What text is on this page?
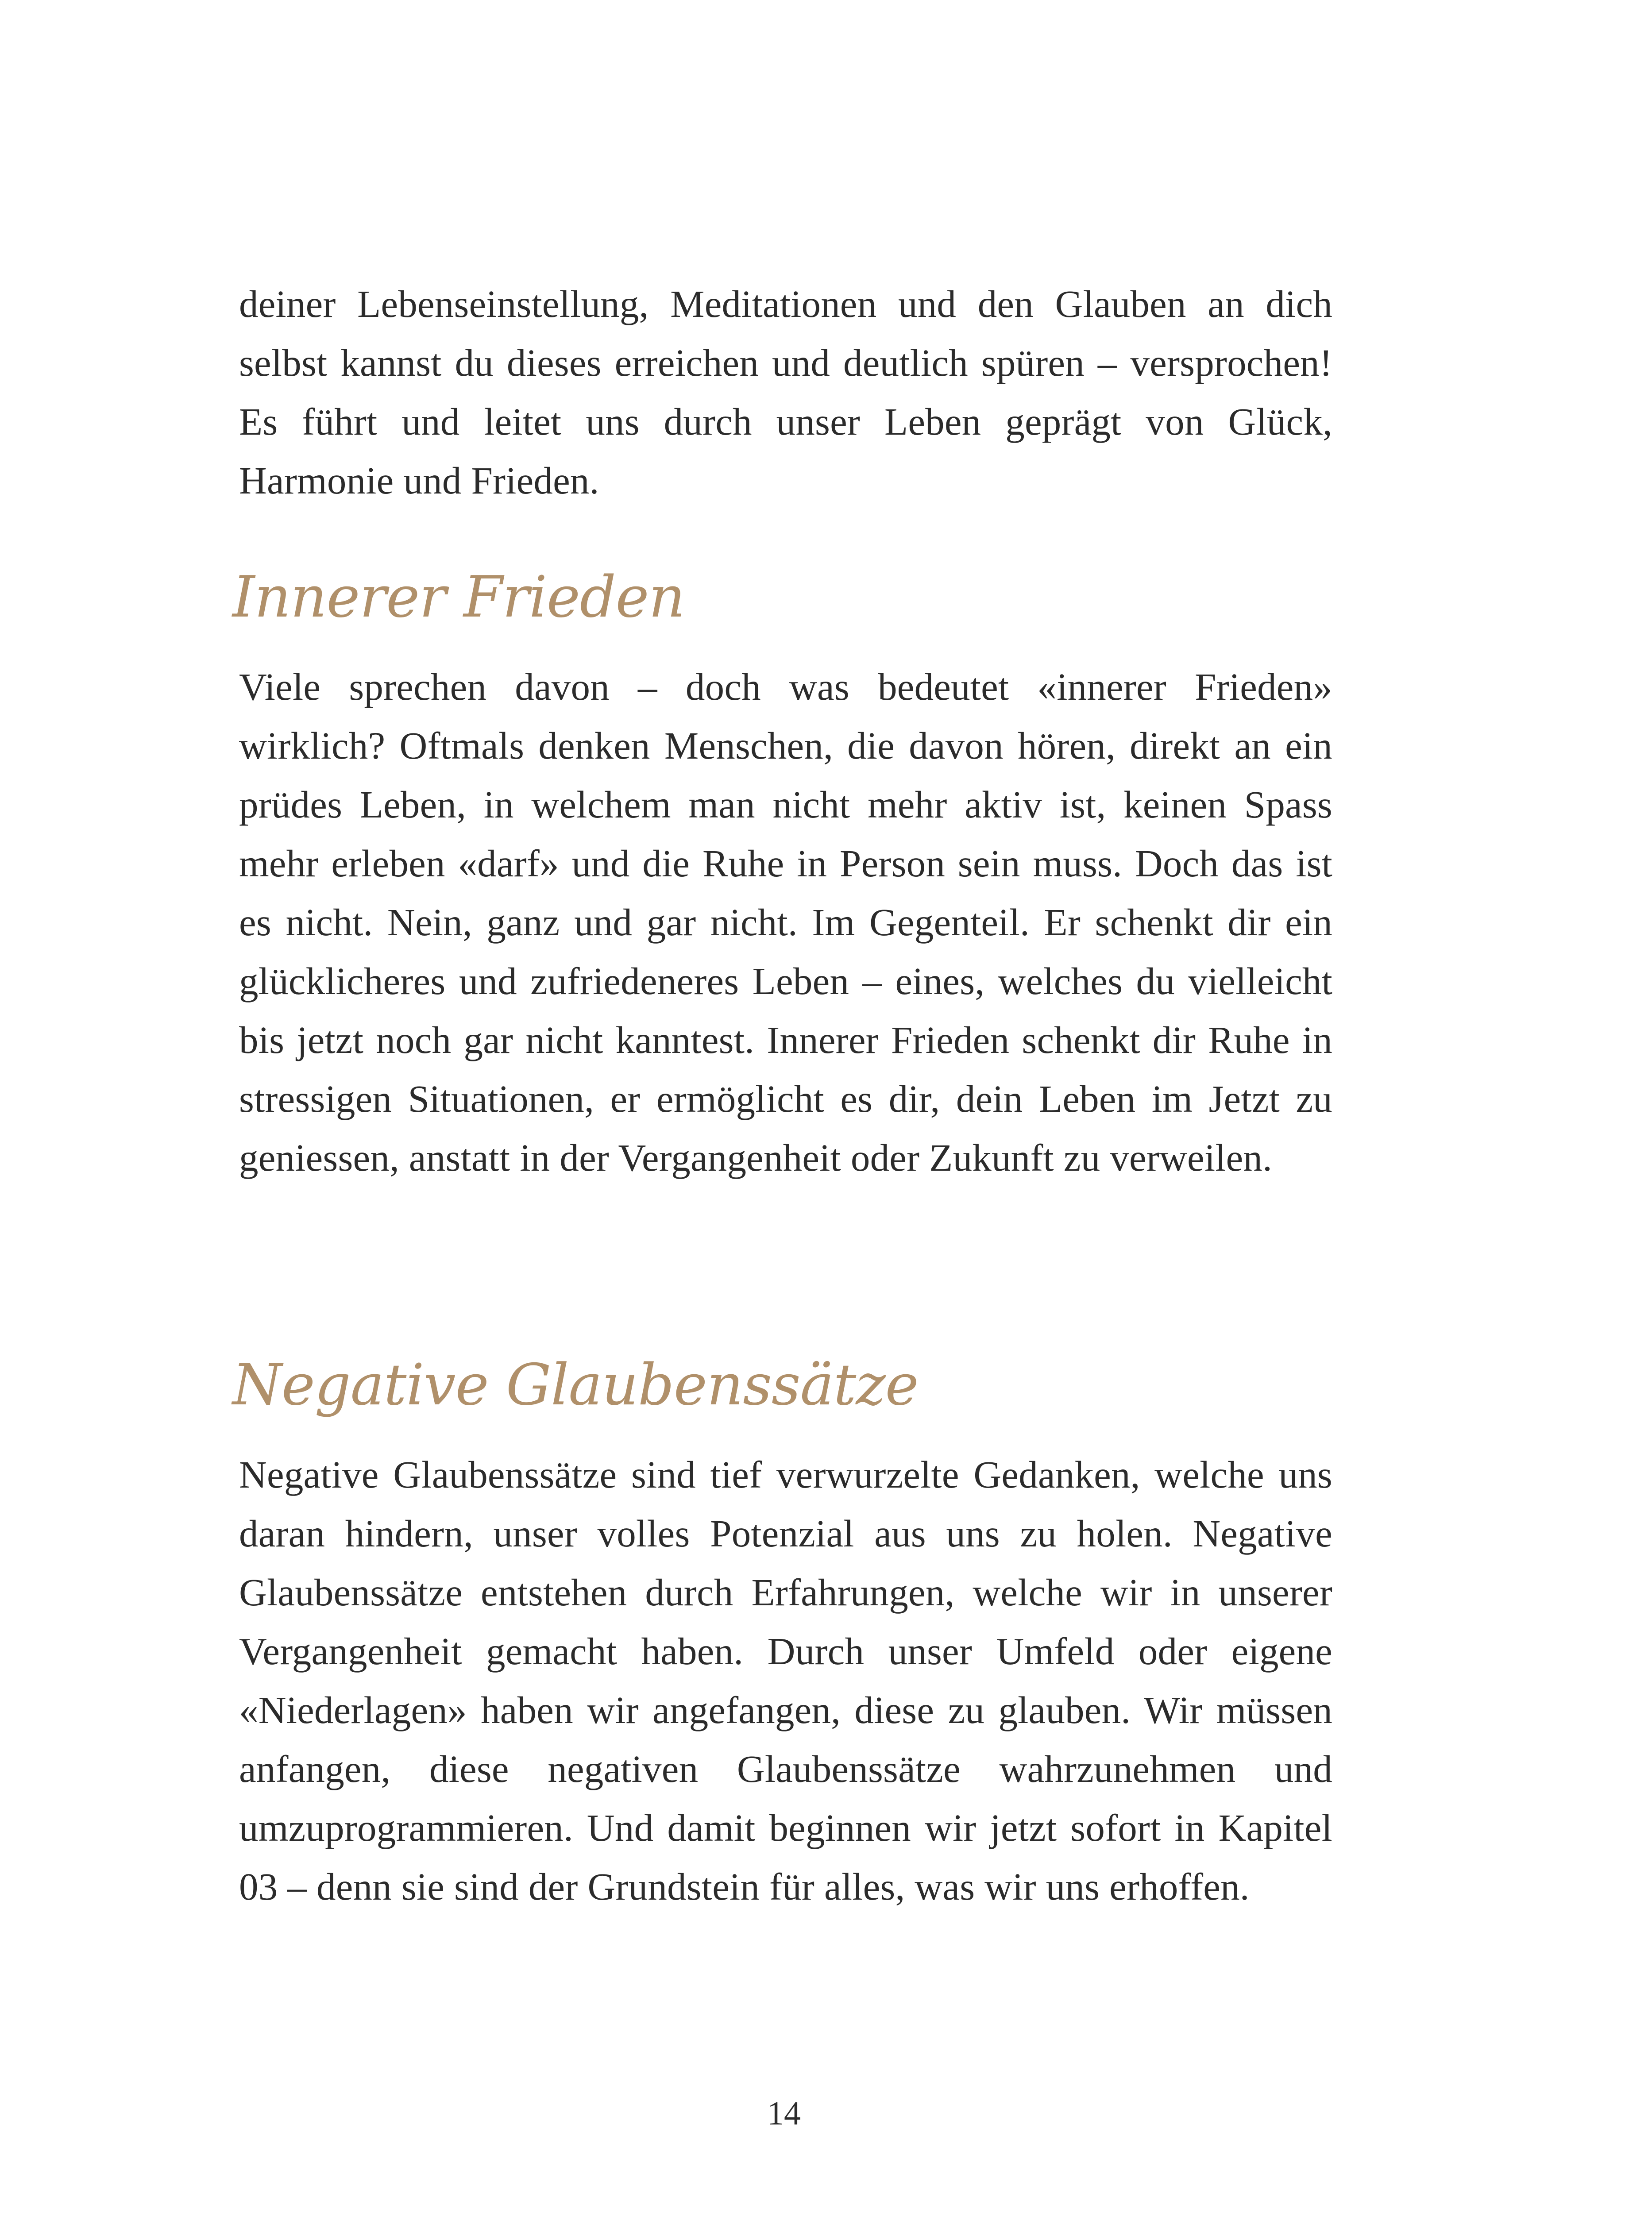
deiner Lebenseinstellung, Meditationen und den Glauben an dich selbst kannst du dieses erreichen und deutlich spüren – versprochen! Es führt und leitet uns durch unser Leben geprägt von Glück, Harmonie und Frieden.

Innerer Frieden

Viele sprechen davon – doch was bedeutet «innerer Frieden» wirklich? Oftmals denken Menschen, die davon hören, direkt an ein prüdes Leben, in welchem man nicht mehr aktiv ist, keinen Spass mehr erleben «darf» und die Ruhe in Person sein muss. Doch das ist es nicht. Nein, ganz und gar nicht. Im Gegenteil. Er schenkt dir ein glücklicheres und zufriedeneres Leben – eines, welches du vielleicht bis jetzt noch gar nicht kanntest. Innerer Frieden schenkt dir Ruhe in stressigen Situationen, er ermöglicht es dir, dein Leben im Jetzt zu geniessen, anstatt in der Vergangenheit oder Zukunft zu verweilen.

Negative Glaubenssätze

Negative Glaubenssätze sind tief verwurzelte Gedanken, welche uns daran hindern, unser volles Potenzial aus uns zu holen. Negative Glaubenssätze entstehen durch Erfahrungen, welche wir in unserer Vergangenheit gemacht haben. Durch unser Umfeld oder eigene «Niederlagen» haben wir angefangen, diese zu glauben. Wir müssen anfangen, diese negativen Glaubenssätze wahrzunehmen und umzuprogrammieren. Und damit beginnen wir jetzt sofort in Kapitel 03 – denn sie sind der Grundstein für alles, was wir uns erhoffen.

14
